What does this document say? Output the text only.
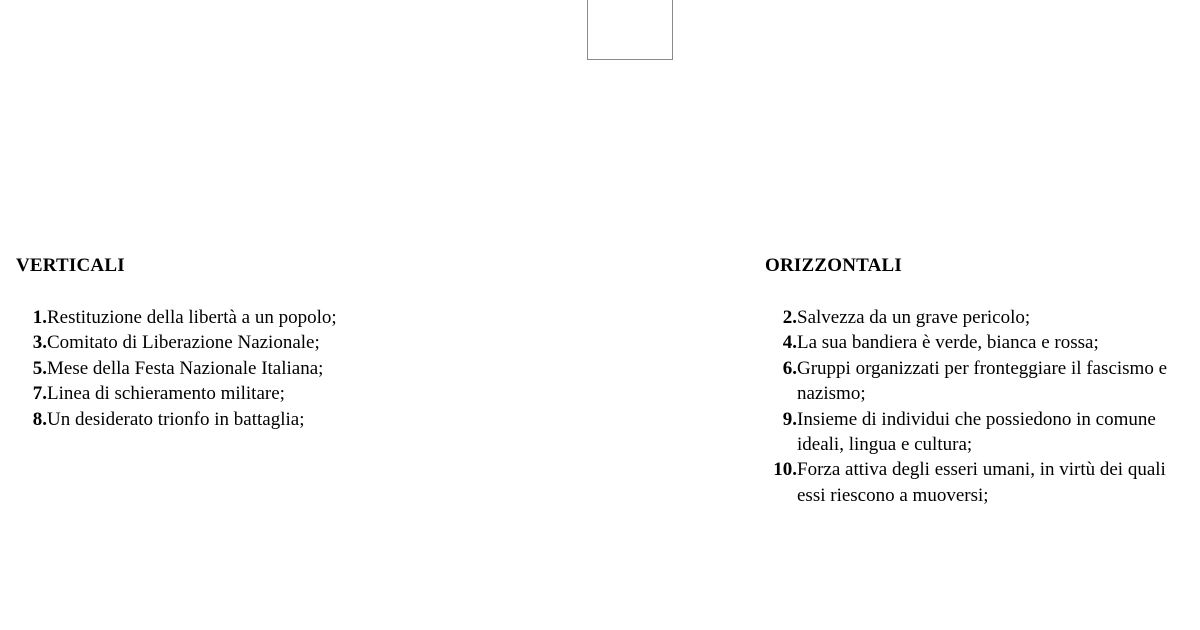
VERTICALI
1. Restituzione della libertà a un popolo;
3. Comitato di Liberazione Nazionale;
5. Mese della Festa Nazionale Italiana;
7. Linea di schieramento militare;
8. Un desiderato trionfo in battaglia;
ORIZZONTALI
2. Salvezza da un grave pericolo;
4. La sua bandiera è verde, bianca e rossa;
6. Gruppi organizzati per fronteggiare il fascismo e nazismo;
9. Insieme di individui che possiedono in comune ideali, lingua e cultura;
10. Forza attiva degli esseri umani, in virtù dei quali essi riescono a muoversi;
